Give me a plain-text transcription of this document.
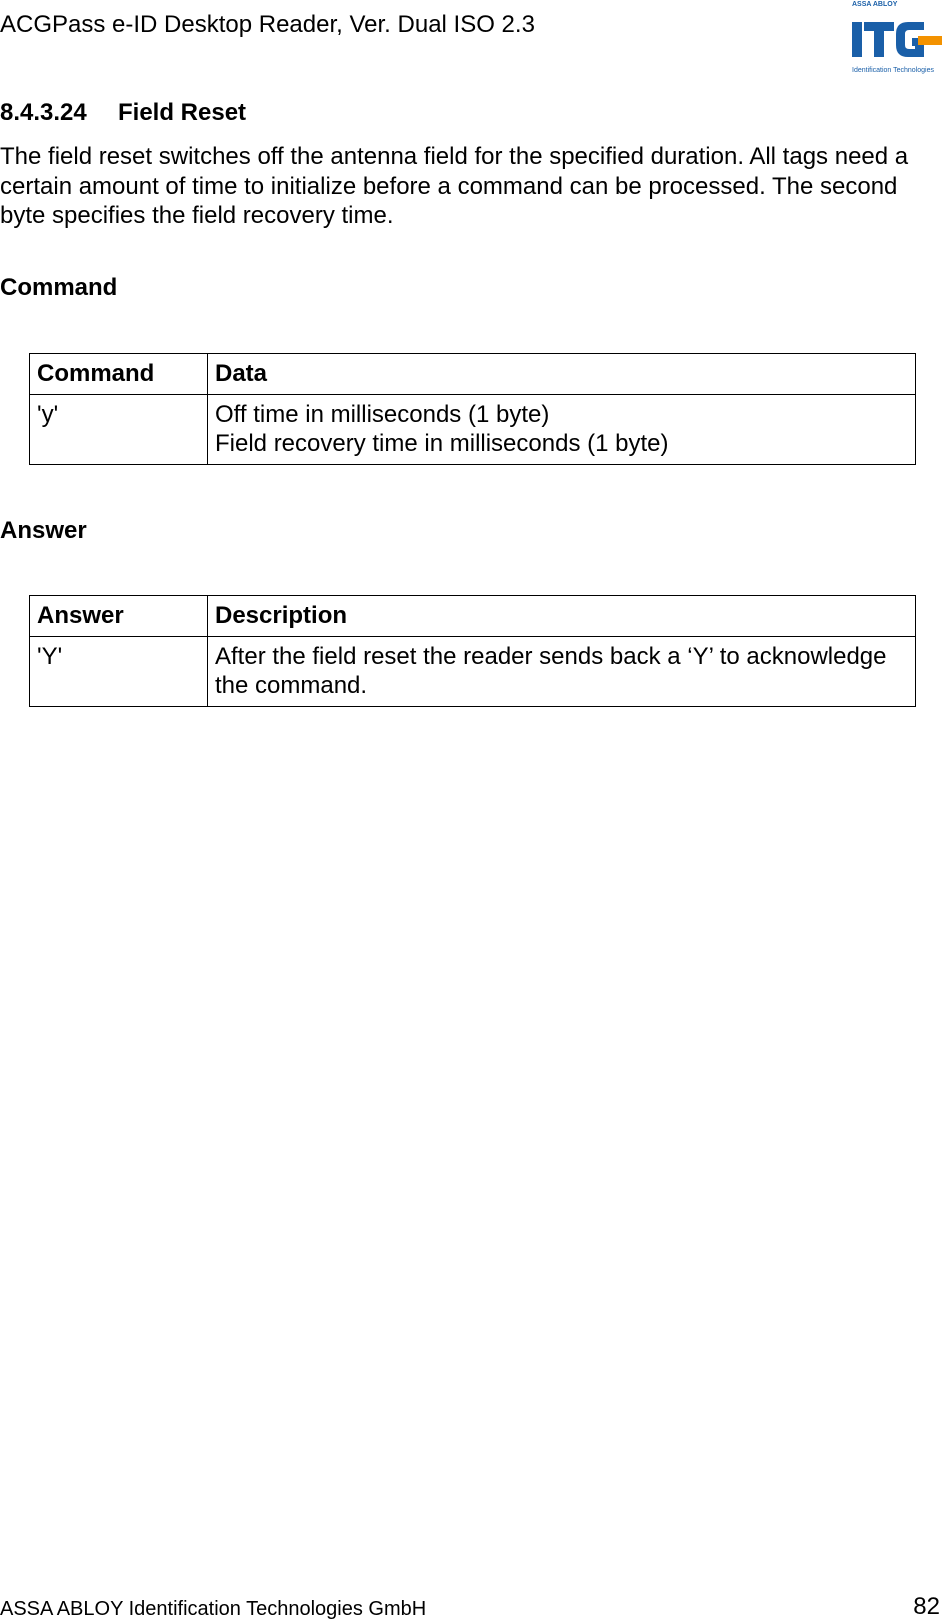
ACGPass e-ID Desktop Reader, Ver. Dual ISO 2.3
ASSA ABLOY
Identification Technologies
8.4.3.24 Field Reset
The field reset switches off the antenna field for the specified duration. All tags need a certain amount of time to initialize before a command can be processed. The second byte specifies the field recovery time.
Command
Command	Data
'y'	Off time in milliseconds (1 byte)
Field recovery time in milliseconds (1 byte)
Answer
Answer	Description
'Y'	After the field reset the reader sends back a ‘Y’ to acknowledge the command.
ASSA ABLOY Identification Technologies GmbH	82
